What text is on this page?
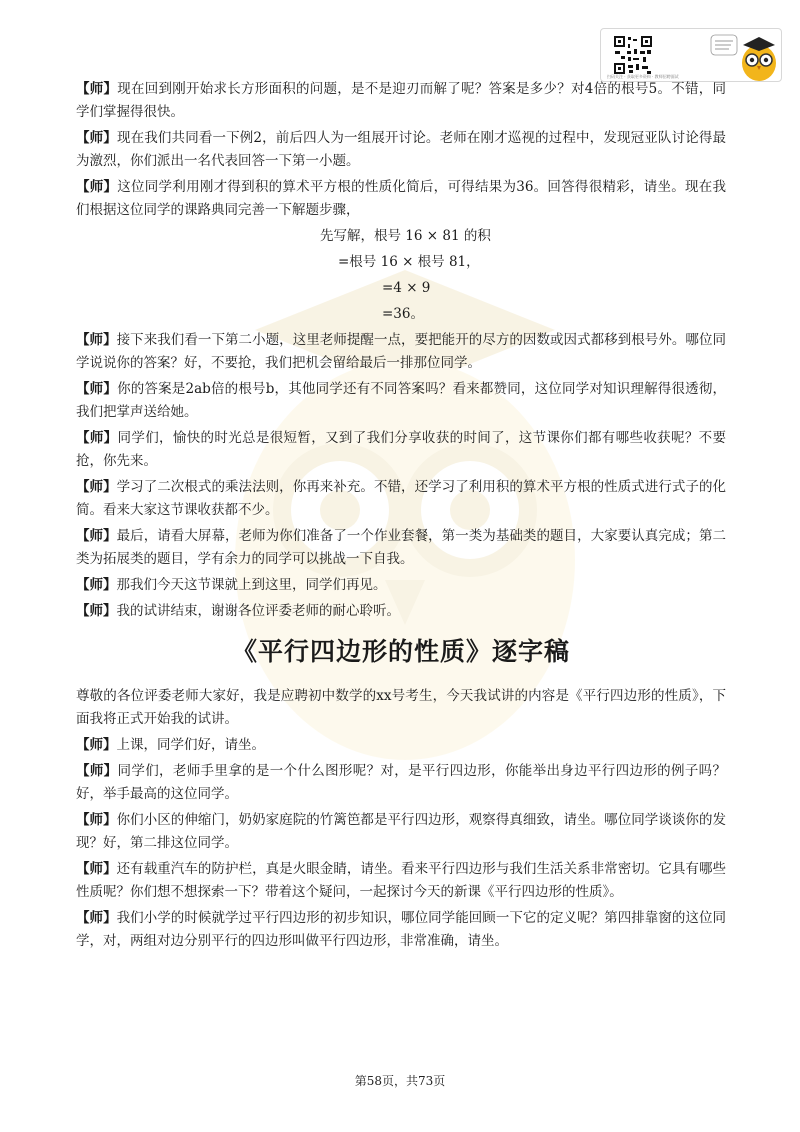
扫码关注 · 获取更多资料 · 教师招聘面试

【师】现在回到刚开始求长方形面积的问题，是不是迎刃而解了呢？答案是多少？对4倍的根号5。不错，同学们掌握得很快。

【师】现在我们共同看一下例2，前后四人为一组展开讨论。老师在刚才巡视的过程中，发现冠亚队讨论得最为激烈，你们派出一名代表回答一下第一小题。

【师】这位同学利用刚才得到积的算术平方根的性质化简后，可得结果为36。回答得很精彩，请坐。现在我们根据这位同学的课路典同完善一下解题步骤，

先写解，根号 16 × 81 的积

=根号 16 × 根号 81，

=4 × 9

=36。

【师】接下来我们看一下第二小题，这里老师提醒一点，要把能开的尽方的因数或因式都移到根号外。哪位同学说说你的答案？好，不要抢，我们把机会留给最后一排那位同学。

【师】你的答案是2ab倍的根号b，其他同学还有不同答案吗？看来都赞同，这位同学对知识理解得很透彻，我们把掌声送给她。

【师】同学们，愉快的时光总是很短暂，又到了我们分享收获的时间了，这节课你们都有哪些收获呢？不要抢，你先来。

【师】学习了二次根式的乘法法则，你再来补充。不错，还学习了利用积的算术平方根的性质式进行式子的化简。看来大家这节课收获都不少。

【师】最后，请看大屏幕，老师为你们准备了一个作业套餐，第一类为基础类的题目，大家要认真完成；第二类为拓展类的题目，学有余力的同学可以挑战一下自我。

【师】那我们今天这节课就上到这里，同学们再见。

【师】我的试讲结束，谢谢各位评委老师的耐心聆听。

《平行四边形的性质》逐字稿

尊敬的各位评委老师大家好，我是应聘初中数学的xx号考生，今天我试讲的内容是《平行四边形的性质》，下面我将正式开始我的试讲。

【师】上课，同学们好，请坐。

【师】同学们，老师手里拿的是一个什么图形呢？对，是平行四边形，你能举出身边平行四边形的例子吗？好，举手最高的这位同学。

【师】你们小区的伸缩门，奶奶家庭院的竹篱笆都是平行四边形，观察得真细致，请坐。哪位同学谈谈你的发现？好，第二排这位同学。

【师】还有载重汽车的防护栏，真是火眼金睛，请坐。看来平行四边形与我们生活关系非常密切。它具有哪些性质呢？你们想不想探索一下？带着这个疑问，一起探讨今天的新课《平行四边形的性质》。

【师】我们小学的时候就学过平行四边形的初步知识，哪位同学能回顾一下它的定义呢？第四排靠窗的这位同学，对，两组对边分别平行的四边形叫做平行四边形，非常准确，请坐。

第58页，共73页
